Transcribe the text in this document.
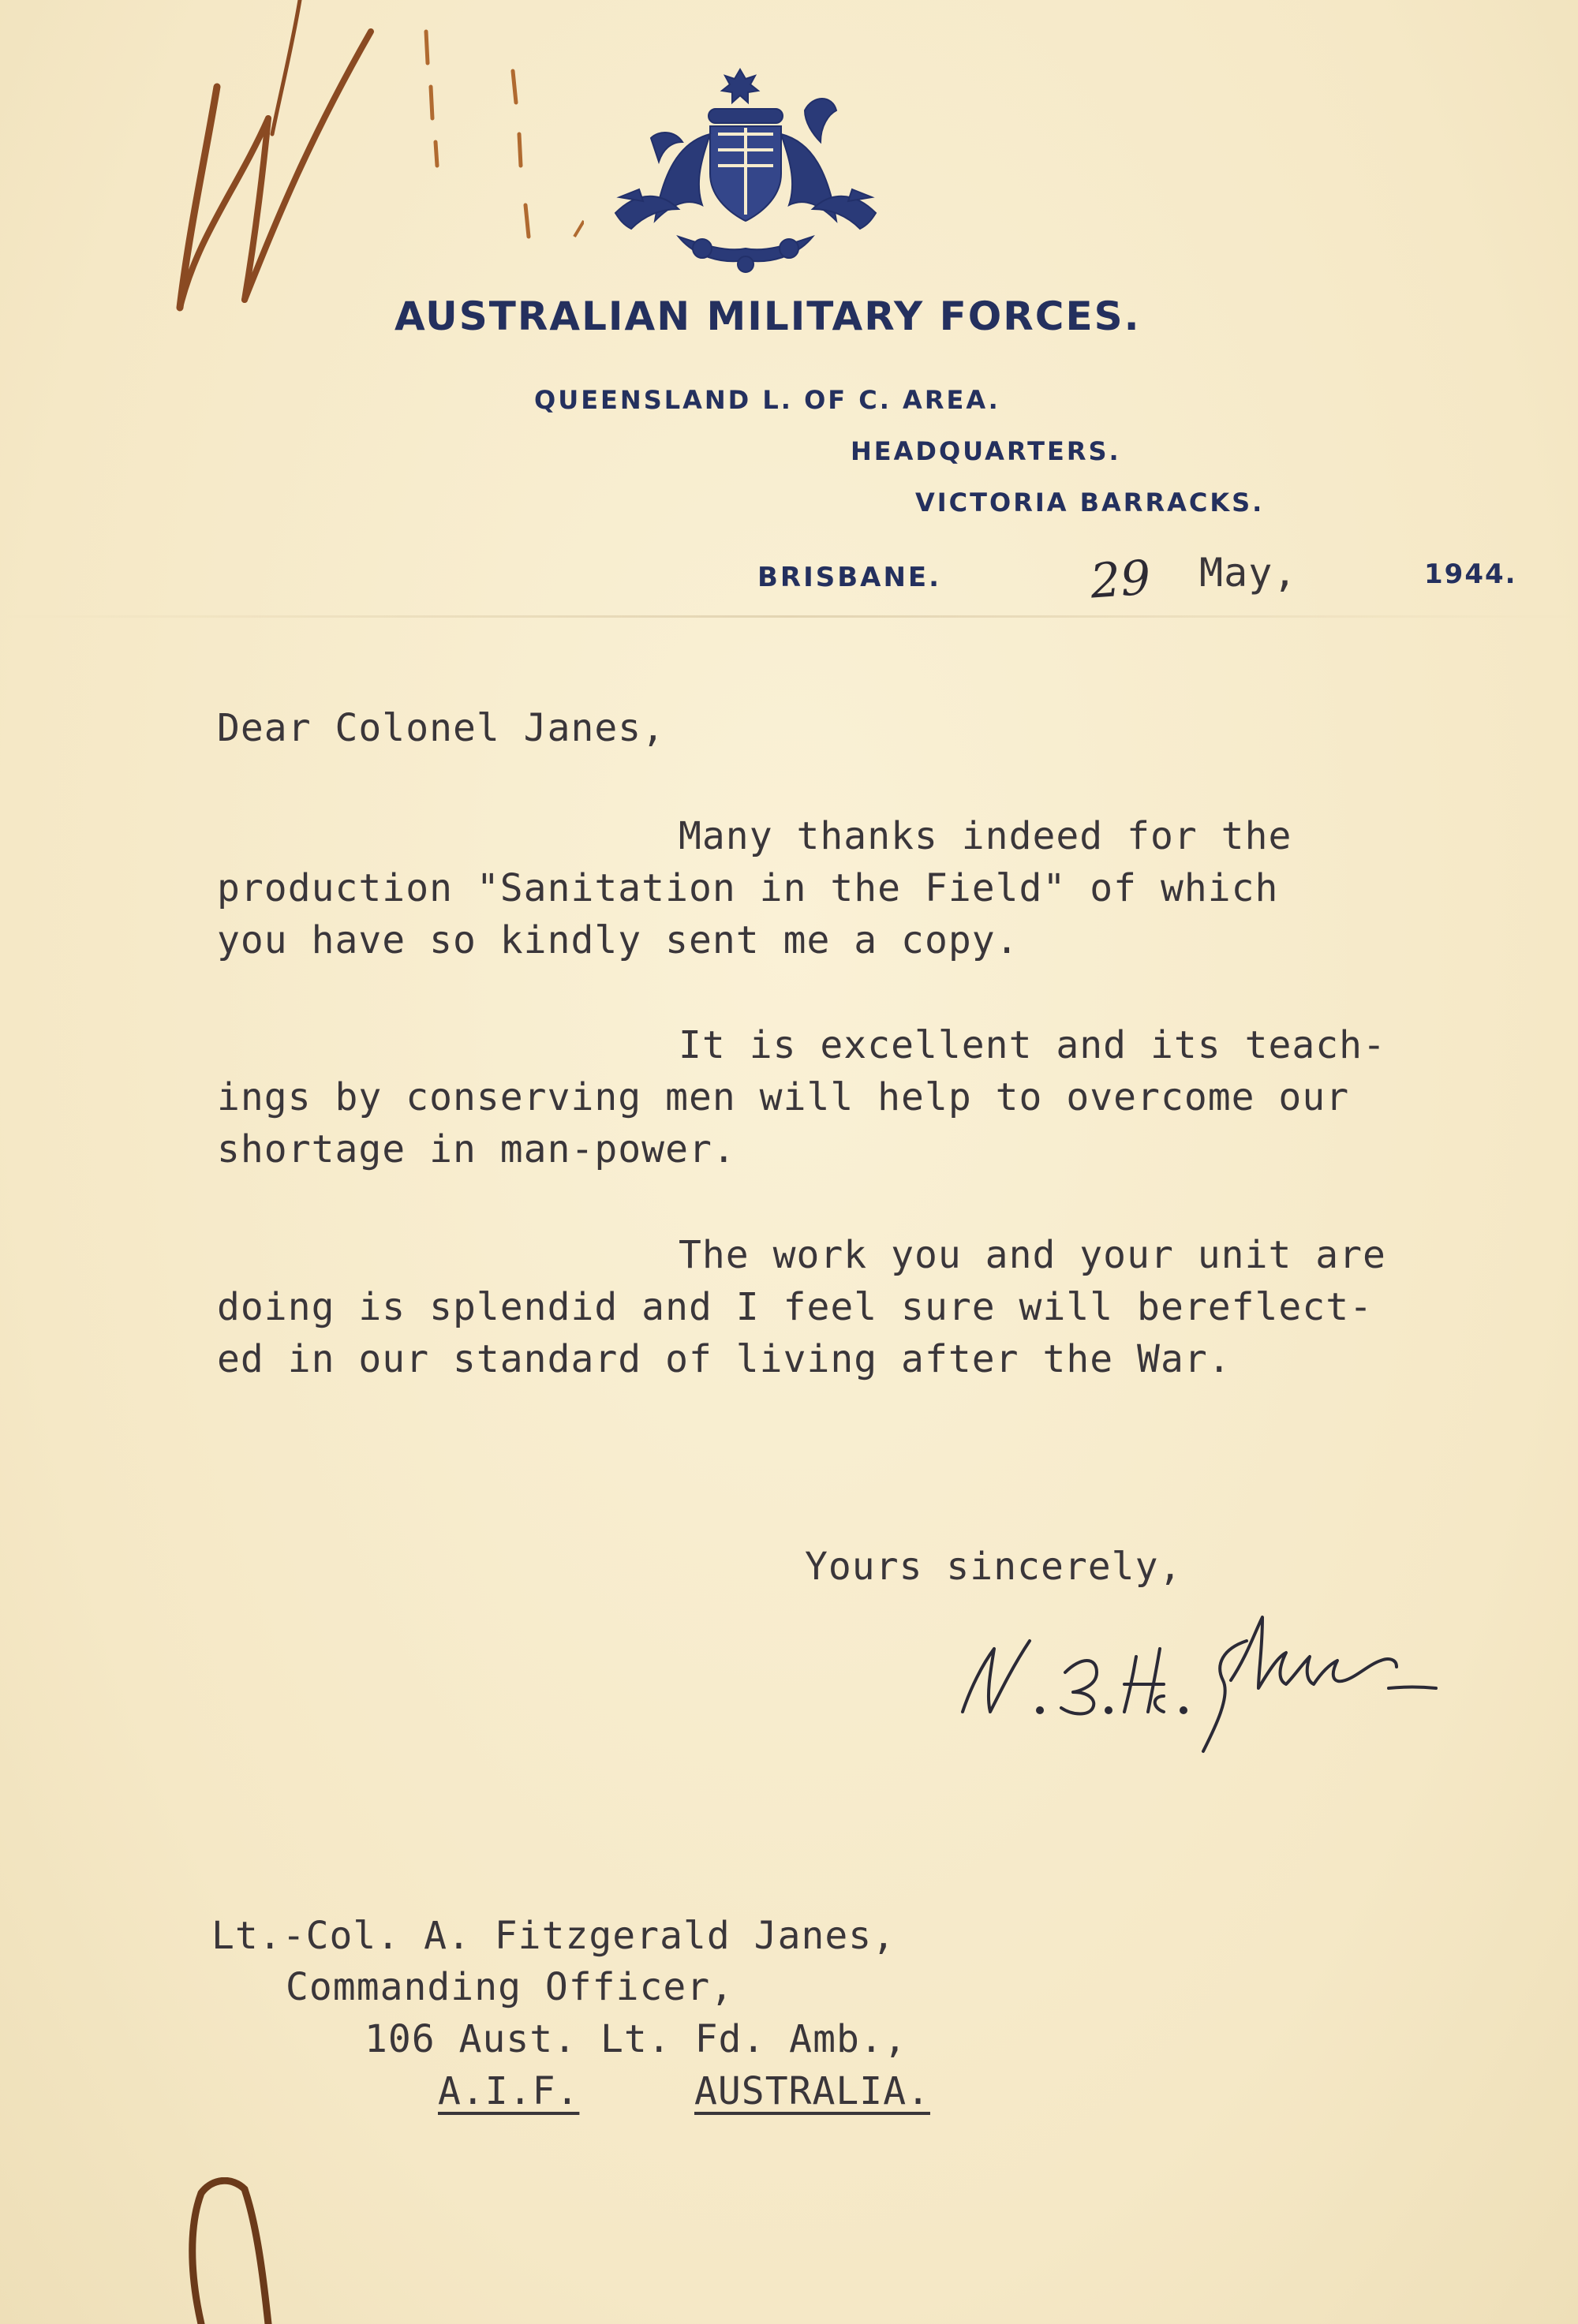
AUSTRALIAN MILITARY FORCES.
QUEENSLAND L. OF C. AREA.
HEADQUARTERS.
VICTORIA BARRACKS.
BRISBANE.	29 May,	1944.
Dear Colonel Janes,
Many thanks indeed for the
production "Sanitation in the Field" of which
you have so kindly sent me a copy.
It is excellent and its teach-
ings by conserving men will help to overcome our
shortage in man-power.
The work you and your unit are
doing is splendid and I feel sure will bereflect-
ed in our standard of living after the War.
Yours sincerely,
Lt.-Col. A. Fitzgerald Janes,
Commanding Officer,
106 Aust. Lt. Fd. Amb.,
A.I.F.	AUSTRALIA.
